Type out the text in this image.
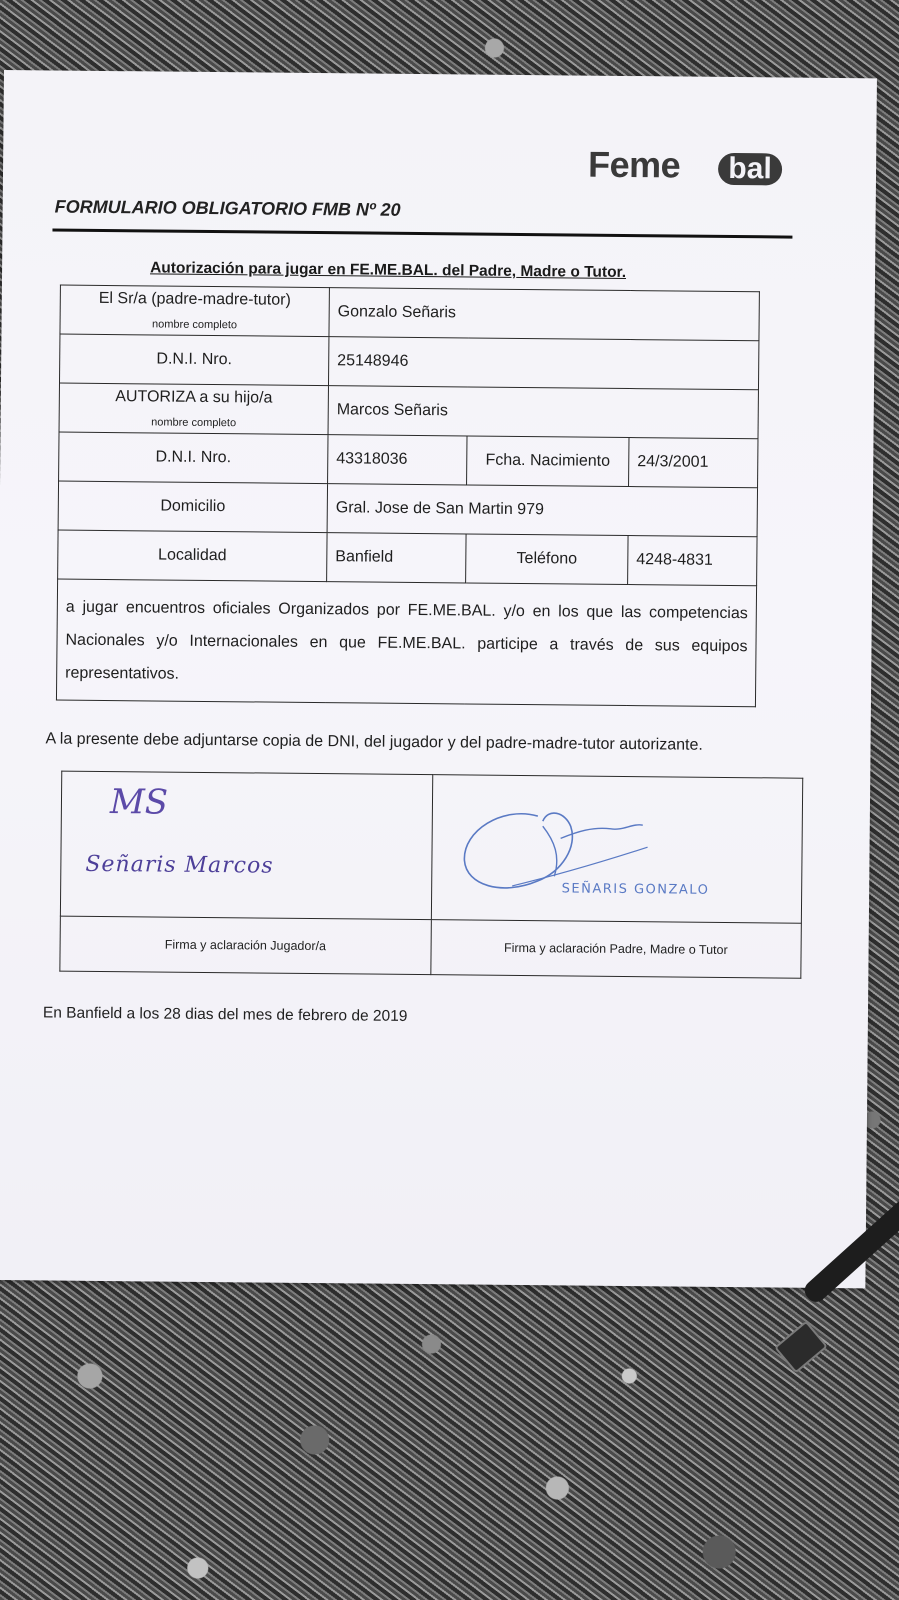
Feme	bal
FORMULARIO OBLIGATORIO FMB Nº 20
Autorización para jugar en FE.ME.BAL. del Padre, Madre o Tutor.
El Sr/a (padre-madre-tutor)
nombre completo	Gonzalo Señaris		
D.N.I. Nro.	25148946		

AUTORIZA a su hijo/a
nombre completo	Marcos Señaris		
D.N.I. Nro.	43318036	Fcha. Nacimiento	24/3/2001
Domicilio	Gral. Jose de San Martin 979		
Localidad	Banfield	Teléfono	4248-4831
a jugar encuentros oficiales Organizados por FE.ME.BAL. y/o en los que las competencias Nacionales y/o Internacionales en que FE.ME.BAL. participe a través de sus equipos representativos.			
A la presente debe adjuntarse copia de DNI, del jugador y del padre-madre-tutor autorizante.
MS
Señaris Marcos	SEÑARIS GONZALO

Firma y aclaración Jugador/a	Firma y aclaración Padre, Madre o Tutor
En Banfield a los 28 dias del mes de febrero de 2019
